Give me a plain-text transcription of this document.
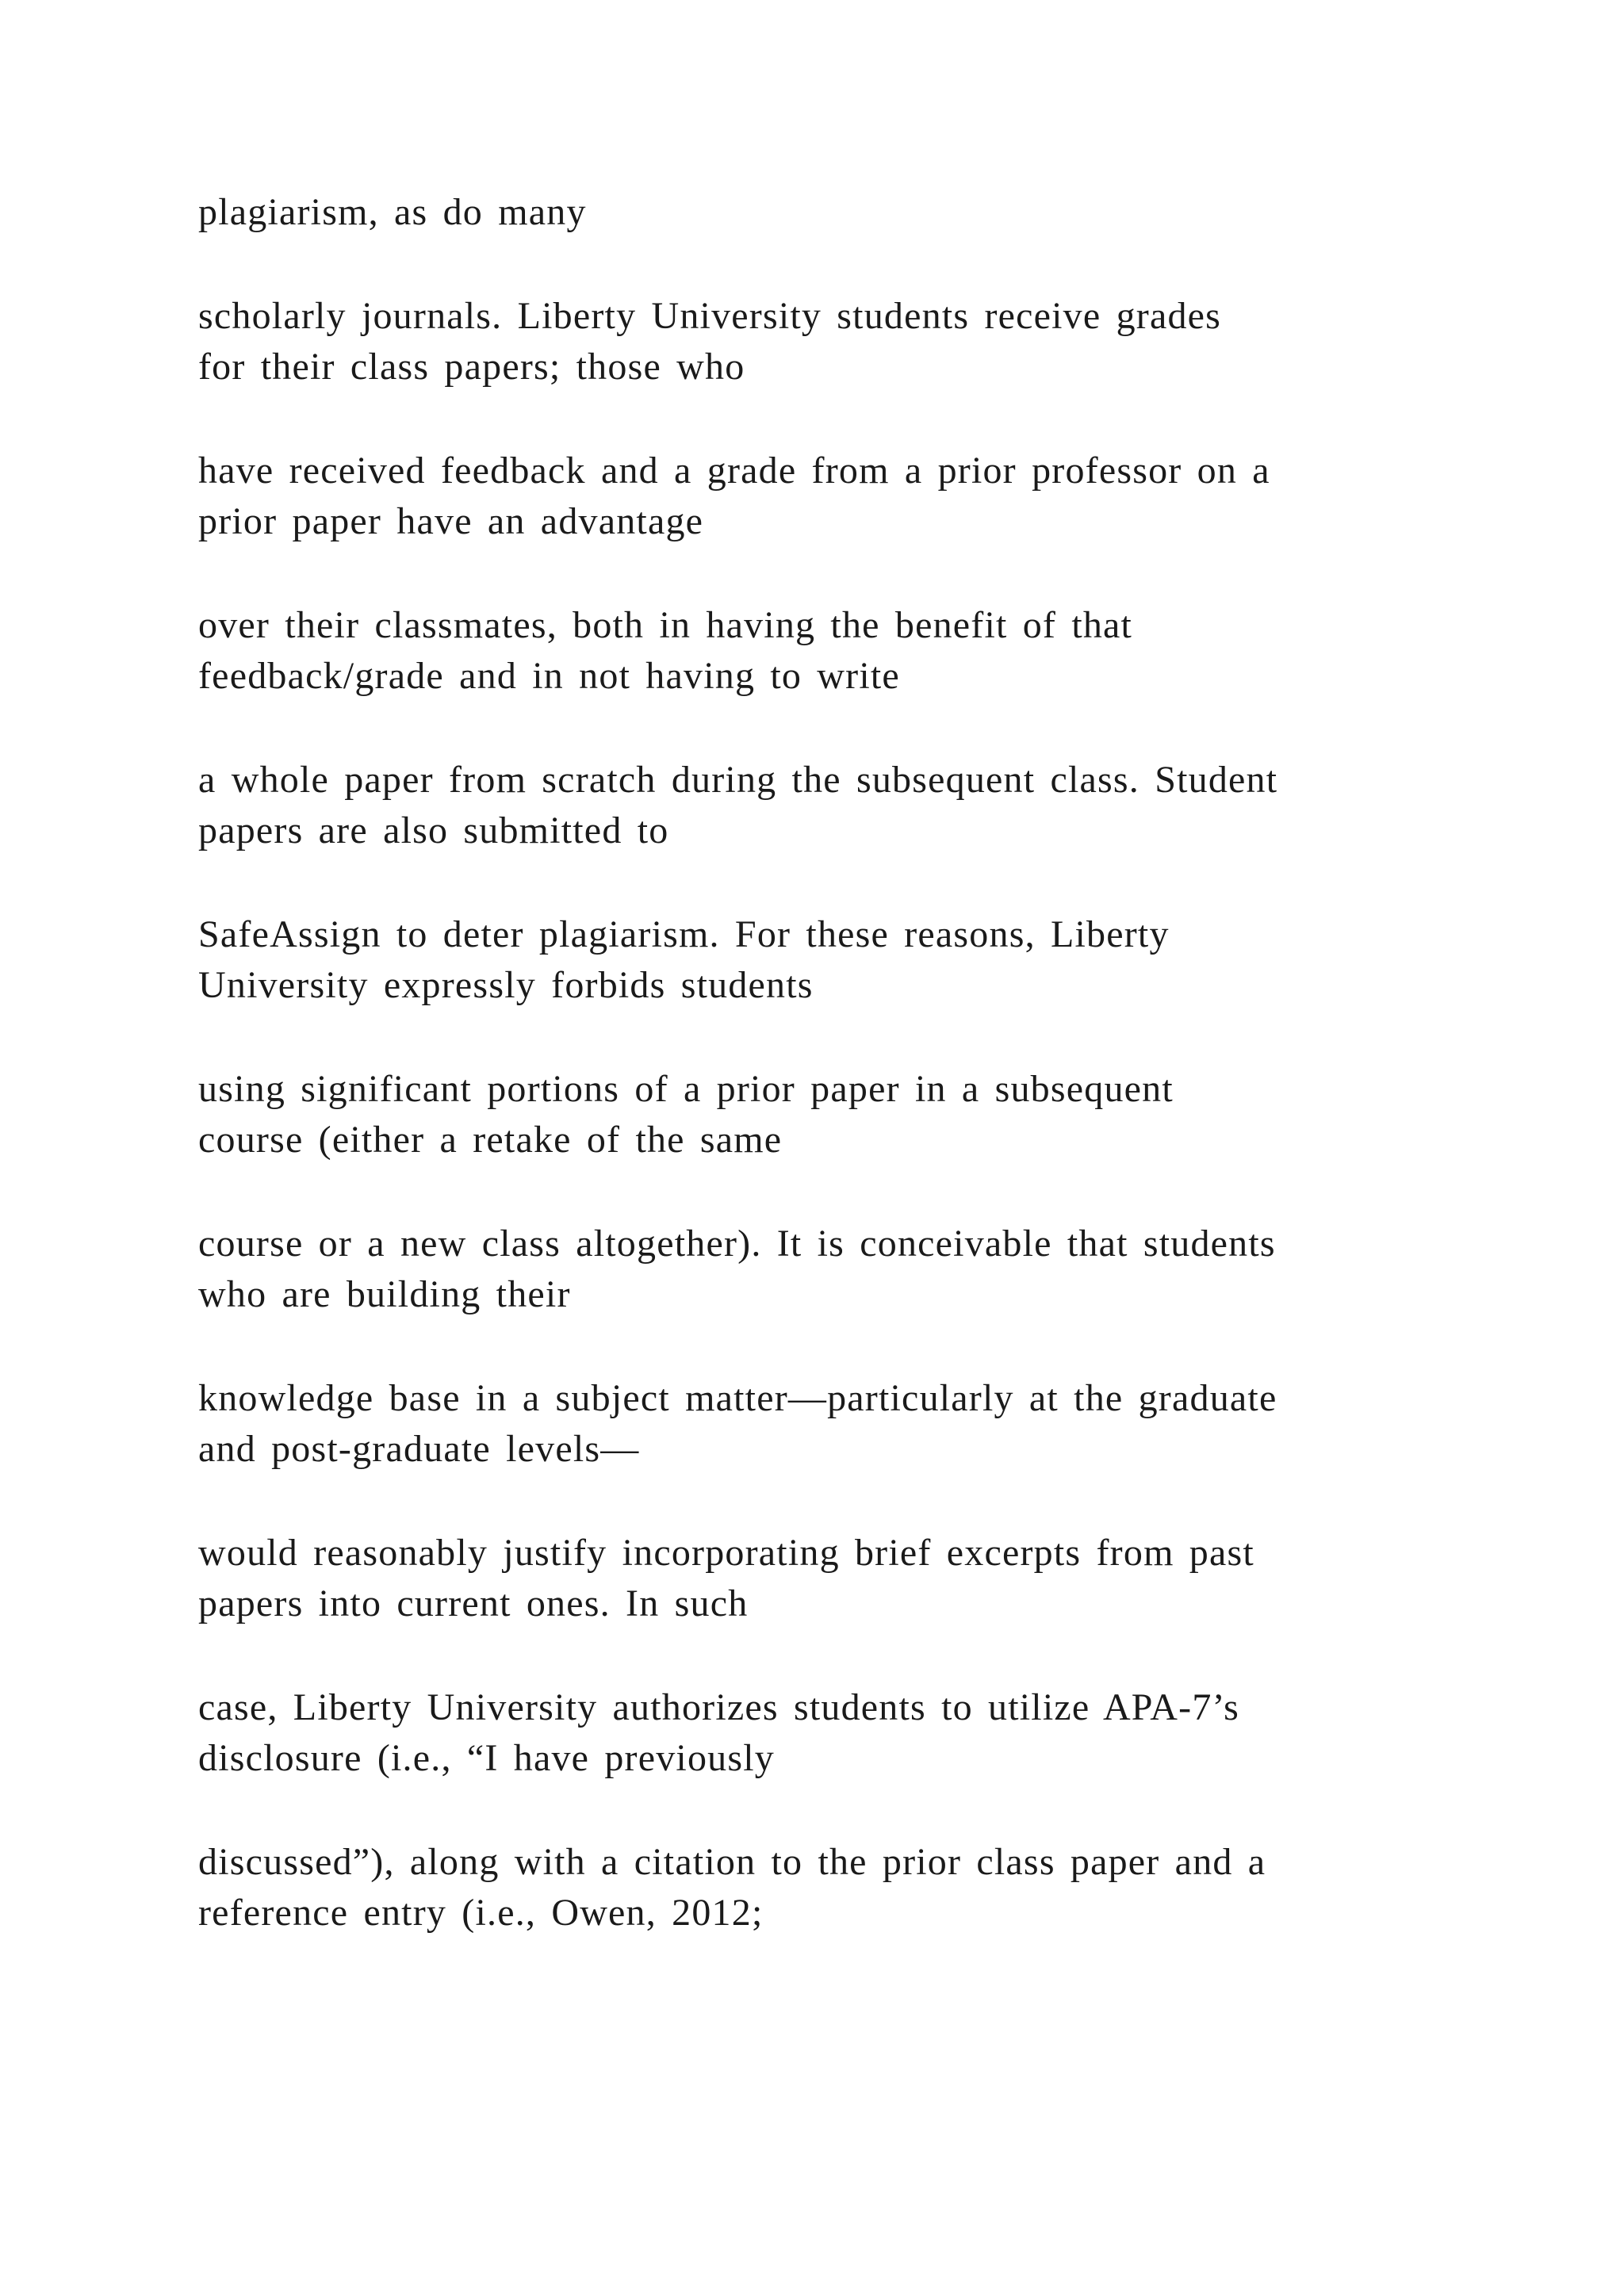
plagiarism, as do many

scholarly journals. Liberty University students receive grades
for their class papers; those who

have received feedback and a grade from a prior professor on a
prior paper have an advantage

over their classmates, both in having the benefit of that
feedback/grade and in not having to write

a whole paper from scratch during the subsequent class. Student
papers are also submitted to

SafeAssign to deter plagiarism. For these reasons, Liberty
University expressly forbids students

using significant portions of a prior paper in a subsequent
course (either a retake of the same

course or a new class altogether). It is conceivable that students
who are building their

knowledge base in a subject matter—particularly at the graduate
and post-graduate levels—

would reasonably justify incorporating brief excerpts from past
papers into current ones. In such

case, Liberty University authorizes students to utilize APA-7’s
disclosure (i.e., “I have previously

discussed”), along with a citation to the prior class paper and a
reference entry (i.e., Owen, 2012;
